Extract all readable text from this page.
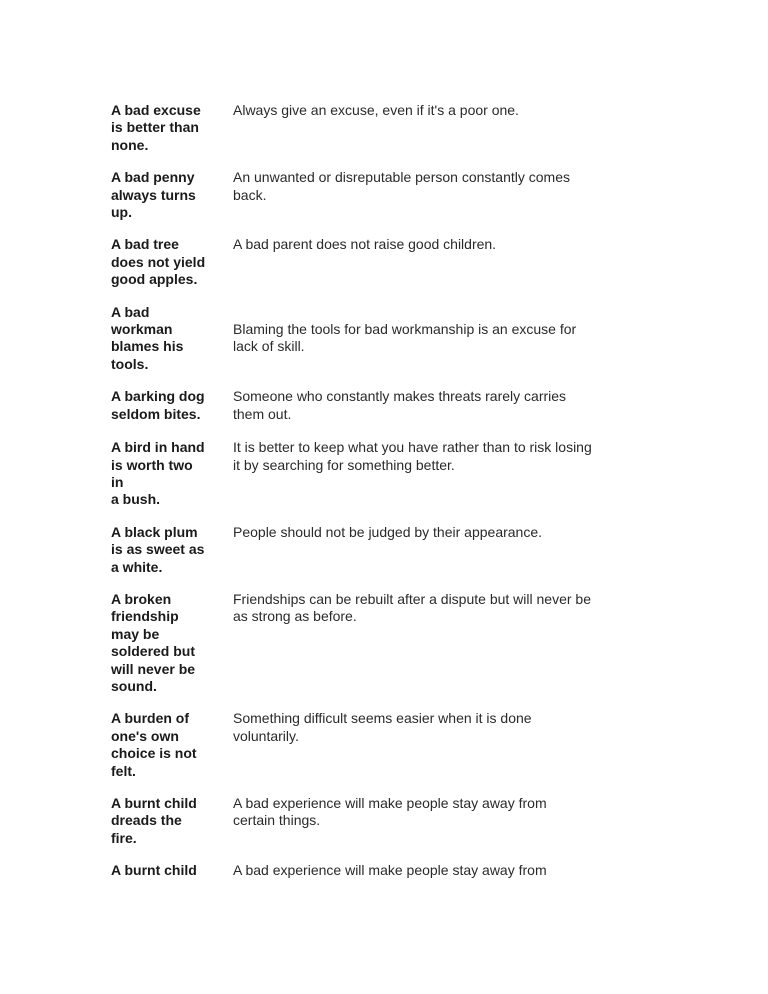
A bad excuse
is better than
none.
Always give an excuse, even if it's a poor one.
A bad penny
always turns
up.
An unwanted or disreputable person constantly comes
back.
A bad tree
does not yield
good apples.
A bad parent does not raise good children.
A bad
workman
blames his
tools.

Blaming the tools for bad workmanship is an excuse for
lack of skill.
A barking dog
seldom bites.
Someone who constantly makes threats rarely carries
them out.
A bird in hand
is worth two
in
a bush.
It is better to keep what you have rather than to risk losing
it by searching for something better.
A black plum
is as sweet as
a white.
People should not be judged by their appearance.
A broken
friendship
may be
soldered but
will never be
sound.
Friendships can be rebuilt after a dispute but will never be
as strong as before.
A burden of
one's own
choice is not
felt.
Something difficult seems easier when it is done
voluntarily.
A burnt child
dreads the
fire.
A bad experience will make people stay away from
certain things.
A burnt child	A bad experience will make people stay away from
